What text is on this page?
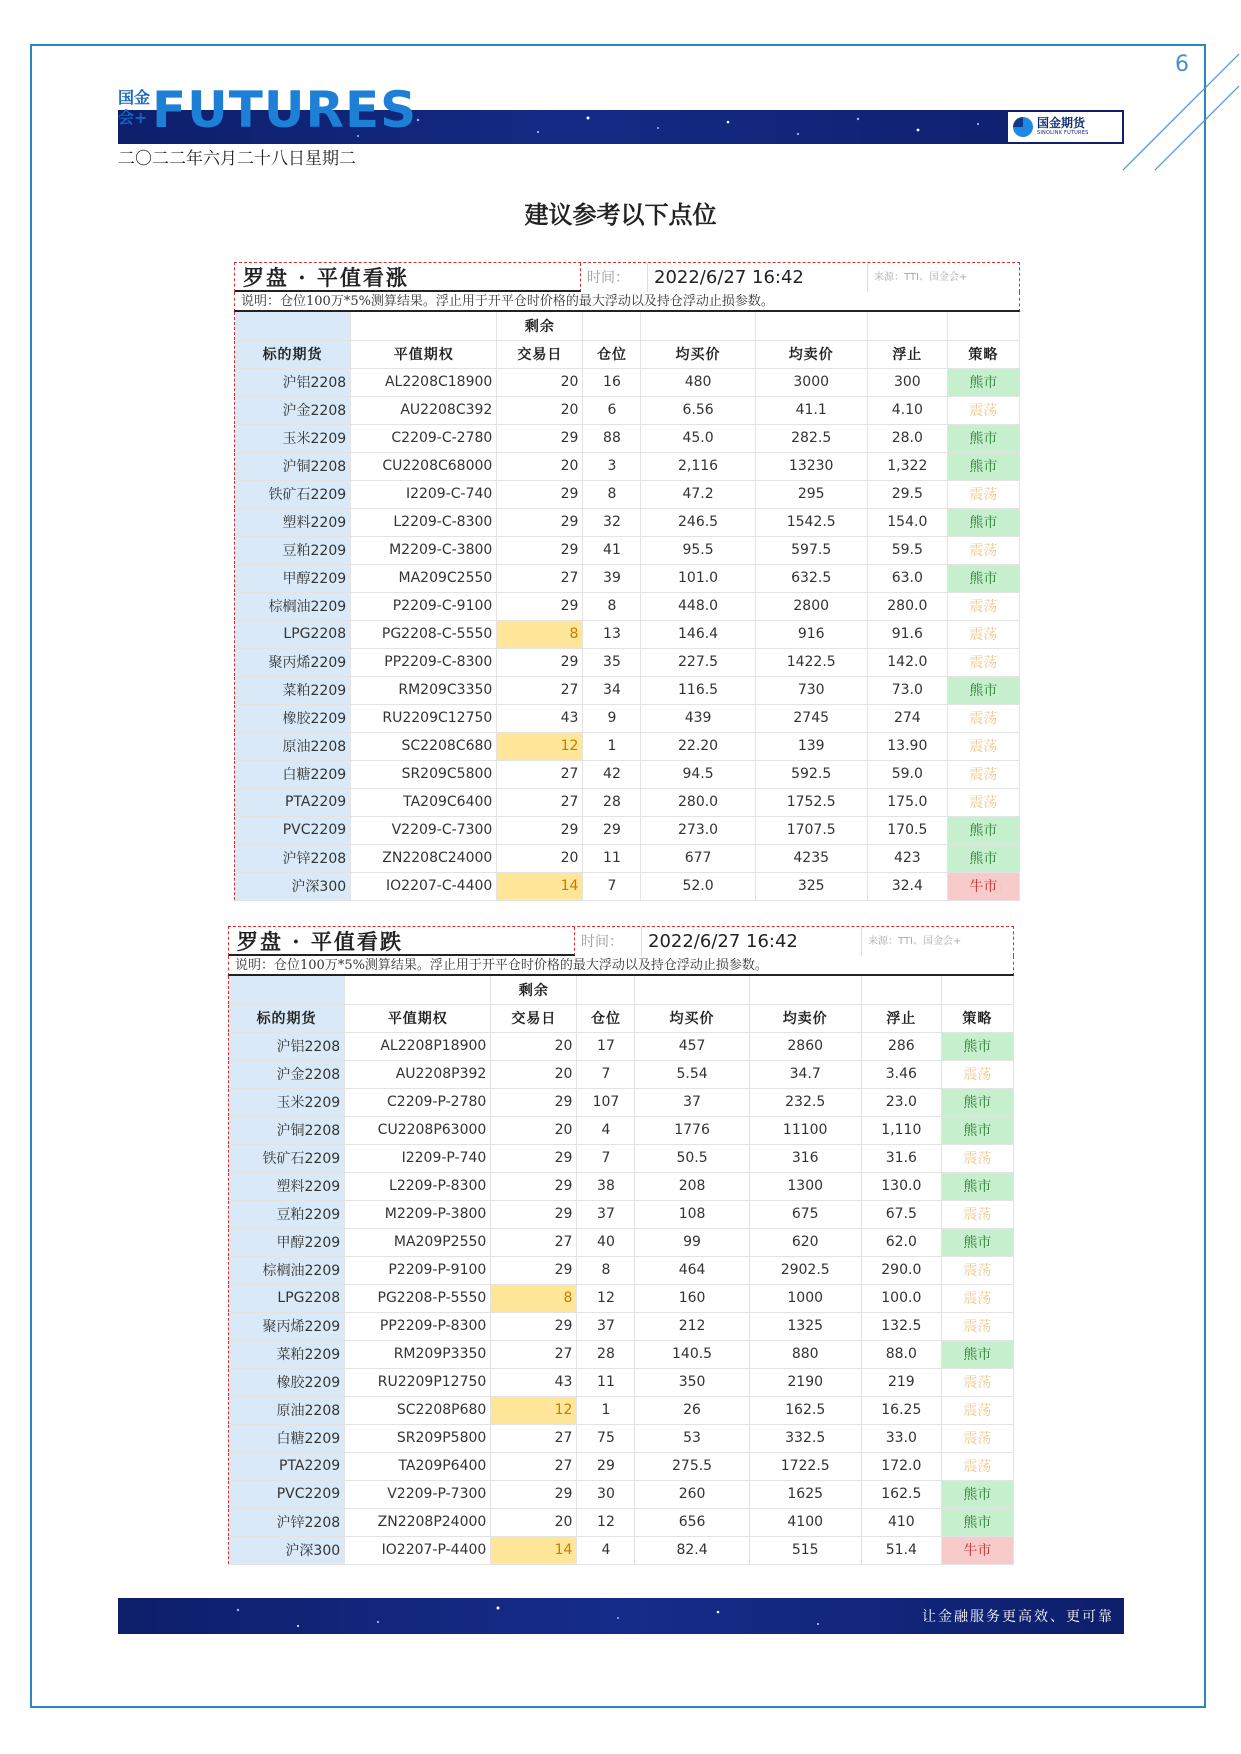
6
国金会+ FUTURES	国金期货
SINOLINK FUTURES
二〇二二年六月二十八日星期二
建议参考以下点位
罗盘 · 平值看涨	时间：	2022/6/27 16:42	来源：TTI、国金会+
说明：仓位100万*5%测算结果。浮止用于开平仓时价格的最大浮动以及持仓浮动止损参数。
		剩余					
标的期货	平值期权	交易日	仓位	均买价	均卖价	浮止	策略
沪铝2208	AL2208C18900	20	16	480	3000	300	熊市
沪金2208	AU2208C392	20	6	6.56	41.1	4.10	震荡
玉米2209	C2209-C-2780	29	88	45.0	282.5	28.0	熊市
沪铜2208	CU2208C68000	20	3	2,116	13230	1,322	熊市
铁矿石2209	I2209-C-740	29	8	47.2	295	29.5	震荡
塑料2209	L2209-C-8300	29	32	246.5	1542.5	154.0	熊市
豆粕2209	M2209-C-3800	29	41	95.5	597.5	59.5	震荡
甲醇2209	MA209C2550	27	39	101.0	632.5	63.0	熊市
棕榈油2209	P2209-C-9100	29	8	448.0	2800	280.0	震荡
LPG2208	PG2208-C-5550	8	13	146.4	916	91.6	震荡
聚丙烯2209	PP2209-C-8300	29	35	227.5	1422.5	142.0	震荡
菜粕2209	RM209C3350	27	34	116.5	730	73.0	熊市
橡胶2209	RU2209C12750	43	9	439	2745	274	震荡
原油2208	SC2208C680	12	1	22.20	139	13.90	震荡
白糖2209	SR209C5800	27	42	94.5	592.5	59.0	震荡
PTA2209	TA209C6400	27	28	280.0	1752.5	175.0	震荡
PVC2209	V2209-C-7300	29	29	273.0	1707.5	170.5	熊市
沪锌2208	ZN2208C24000	20	11	677	4235	423	熊市
沪深300	IO2207-C-4400	14	7	52.0	325	32.4	牛市
罗盘 · 平值看跌	时间：	2022/6/27 16:42	来源：TTI、国金会+
说明：仓位100万*5%测算结果。浮止用于开平仓时价格的最大浮动以及持仓浮动止损参数。
		剩余					
标的期货	平值期权	交易日	仓位	均买价	均卖价	浮止	策略
沪铝2208	AL2208P18900	20	17	457	2860	286	熊市
沪金2208	AU2208P392	20	7	5.54	34.7	3.46	震荡
玉米2209	C2209-P-2780	29	107	37	232.5	23.0	熊市
沪铜2208	CU2208P63000	20	4	1776	11100	1,110	熊市
铁矿石2209	I2209-P-740	29	7	50.5	316	31.6	震荡
塑料2209	L2209-P-8300	29	38	208	1300	130.0	熊市
豆粕2209	M2209-P-3800	29	37	108	675	67.5	震荡
甲醇2209	MA209P2550	27	40	99	620	62.0	熊市
棕榈油2209	P2209-P-9100	29	8	464	2902.5	290.0	震荡
LPG2208	PG2208-P-5550	8	12	160	1000	100.0	震荡
聚丙烯2209	PP2209-P-8300	29	37	212	1325	132.5	震荡
菜粕2209	RM209P3350	27	28	140.5	880	88.0	熊市
橡胶2209	RU2209P12750	43	11	350	2190	219	震荡
原油2208	SC2208P680	12	1	26	162.5	16.25	震荡
白糖2209	SR209P5800	27	75	53	332.5	33.0	震荡
PTA2209	TA209P6400	27	29	275.5	1722.5	172.0	震荡
PVC2209	V2209-P-7300	29	30	260	1625	162.5	熊市
沪锌2208	ZN2208P24000	20	12	656	4100	410	熊市
沪深300	IO2207-P-4400	14	4	82.4	515	51.4	牛市
让金融服务更高效、更可靠
